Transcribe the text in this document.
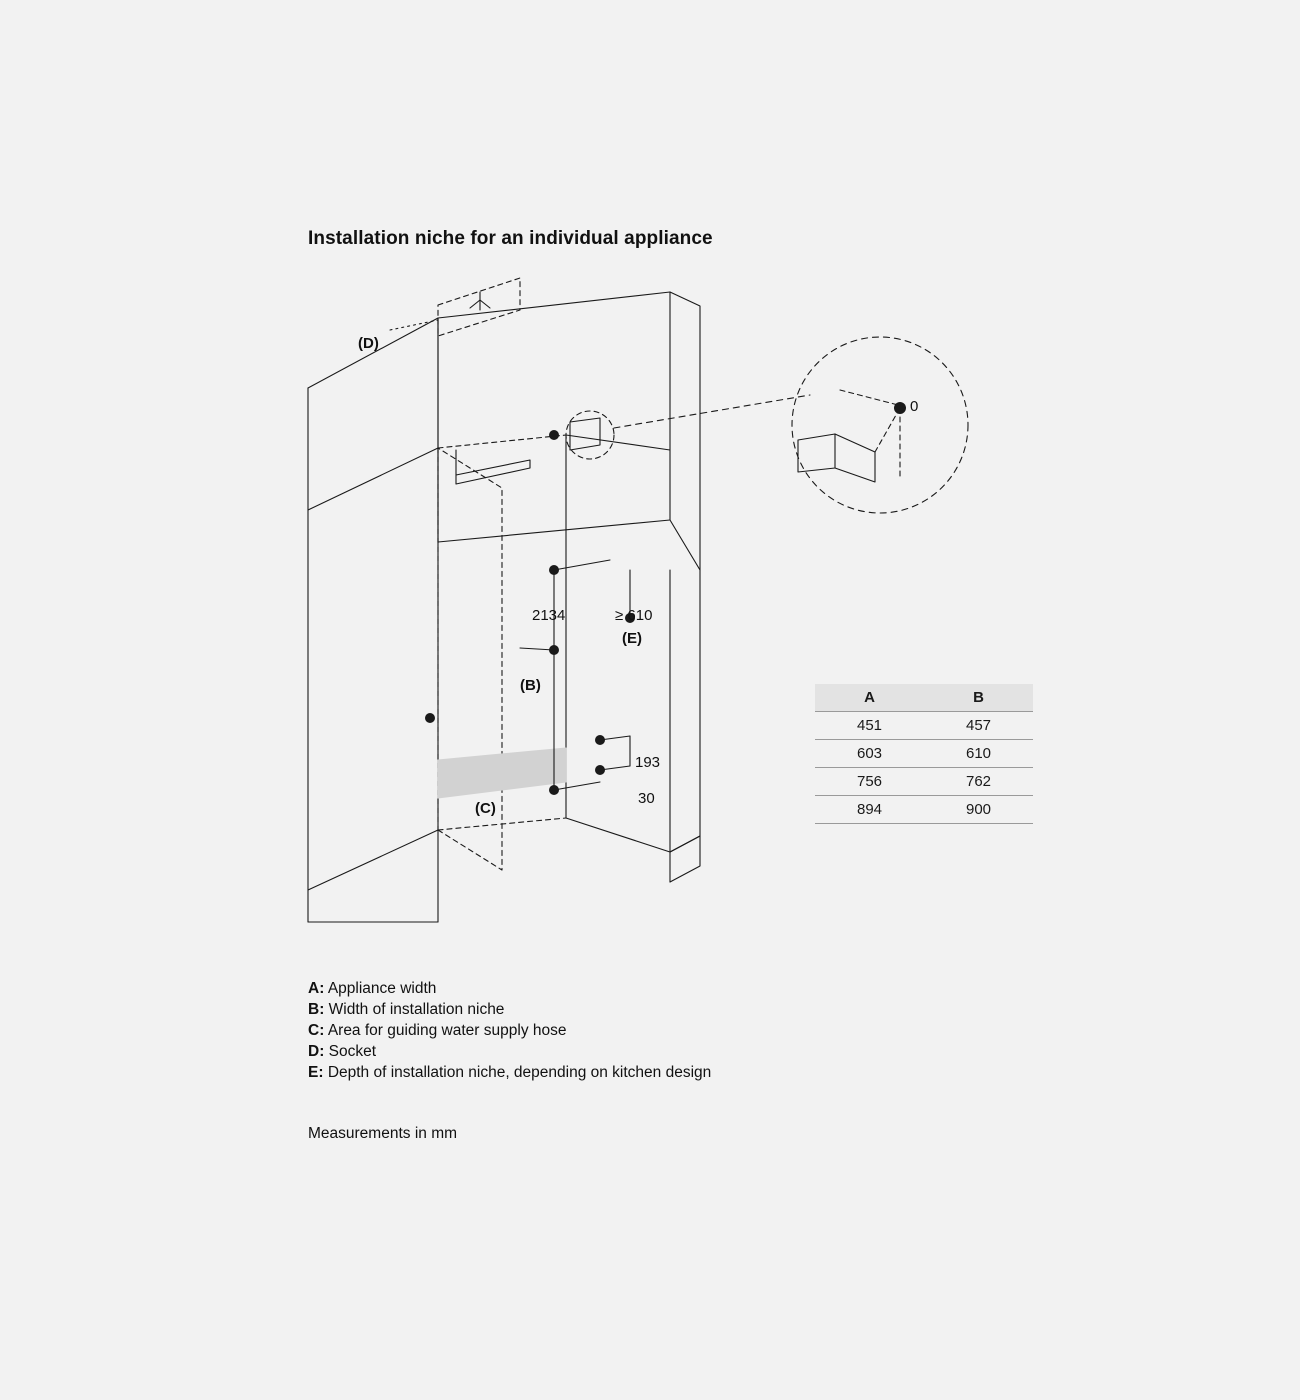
Installation niche for an individual appliance
(D)
2134	≥ 610
(E)
(B)
(C)
193
30
0
A	B
451	457
603	610
756	762
894	900
A: Appliance width
B: Width of installation niche
C: Area for guiding water supply hose
D: Socket
E: Depth of installation niche, depending on kitchen design
Measurements in mm
